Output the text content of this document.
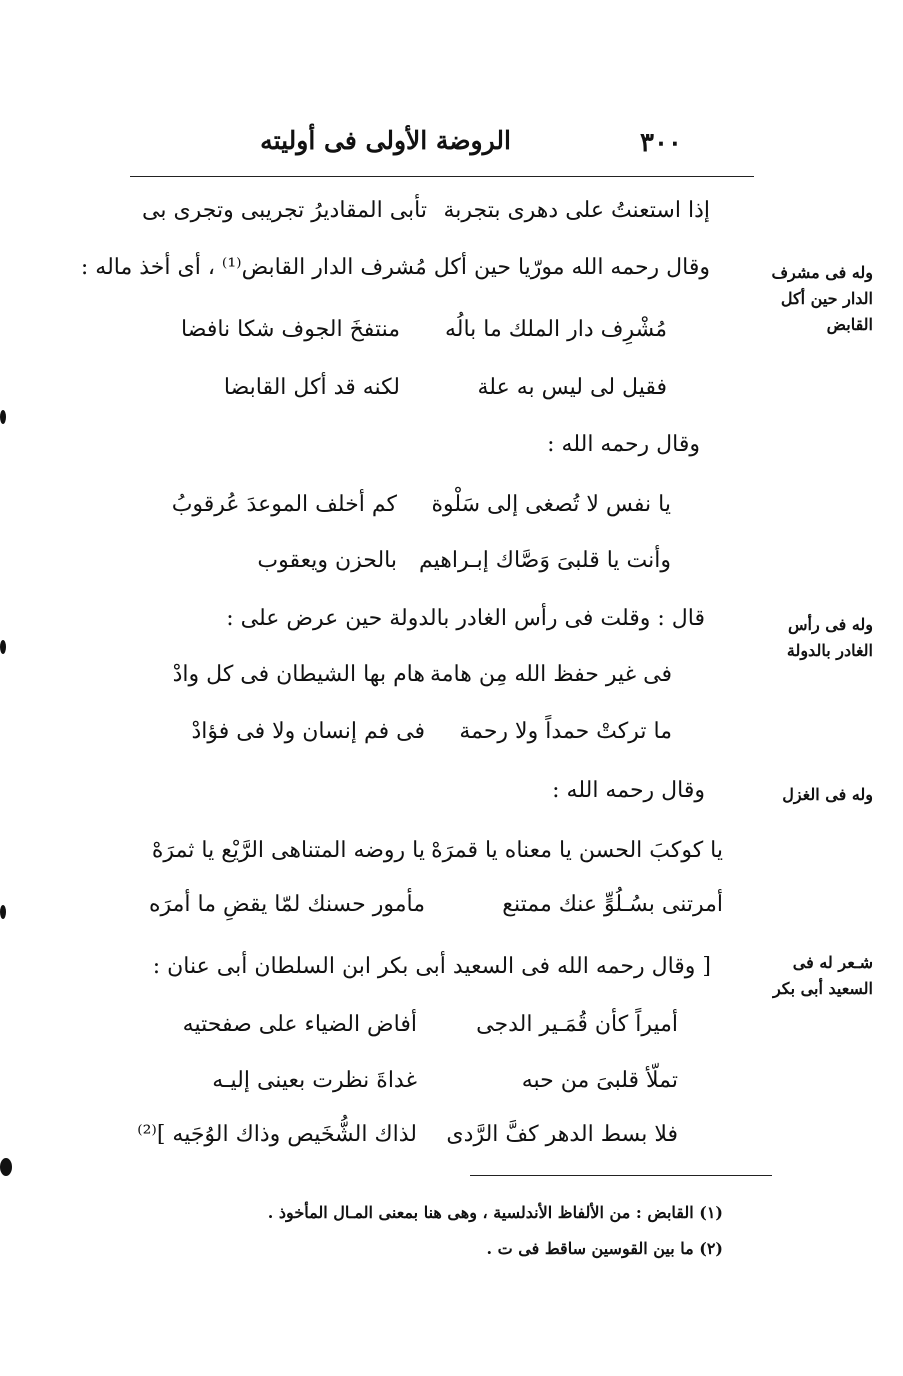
٣٠٠
الروضة الأولى فى أوليته
إذا استعنتُ على دهرى بتجربة
تأبى المقاديرُ تجريبى وتجرى بى
وقال رحمه الله مورّيا حين أكل مُشرف الدار القابض⁽¹⁾ ، أى أخذ ماله :	وله فى مشرف الدار حين أكل القابض
مُشْرِف دار الملك ما بالُه
منتفخَ الجوف شكا نافضا
فقيل لى ليس به علة
لكنه قد أكل القابضا
وقال رحمه الله :
يا نفس لا تُصغى إلى سَلْوة
كم أخلف الموعدَ عُرقوبُ
وأنت يا قلبىَ وَصَّاك إبـراهيم
بالحزن ويعقوب
قال : وقلت فى رأس الغادر بالدولة حين عرض على :	وله فى رأس الغادر بالدولة
فى غير حفظ الله مِن هامة
هام بها الشيطان فى كل وادْ
ما تركتْ حمداً ولا رحمة
فى فم إنسان ولا فى فؤادْ
وقال رحمه الله :	وله فى الغزل
يا كوكبَ الحسن يا معناه يا قمرَهْ
يا روضه المتناهى الرَّيْع يا ثمرَهْ
أمرتنى بسُـلُوٍّ عنك ممتنع
مأمور حسنك لمّا يقضِ ما أمرَه
[ وقال رحمه الله فى السعيد أبى بكر ابن السلطان أبى عنان :	شـعر له فى السعيد أبى بكر
أميراً كأن قُمَـير الدجى
أفاض الضياء على صفحتيه
تملّأ قلبىَ من حبه
غداةَ نظرت بعينى إليـه
فلا بسط الدهر كفَّ الرَّدى
لذاك الشُّخَيص وذاك الوُجَيه ]⁽²⁾
(١) القابض : من الألفاظ الأندلسية ، وهى هنا بمعنى المـال المأخوذ .
(٢) ما بين القوسين ساقط فى ت .
